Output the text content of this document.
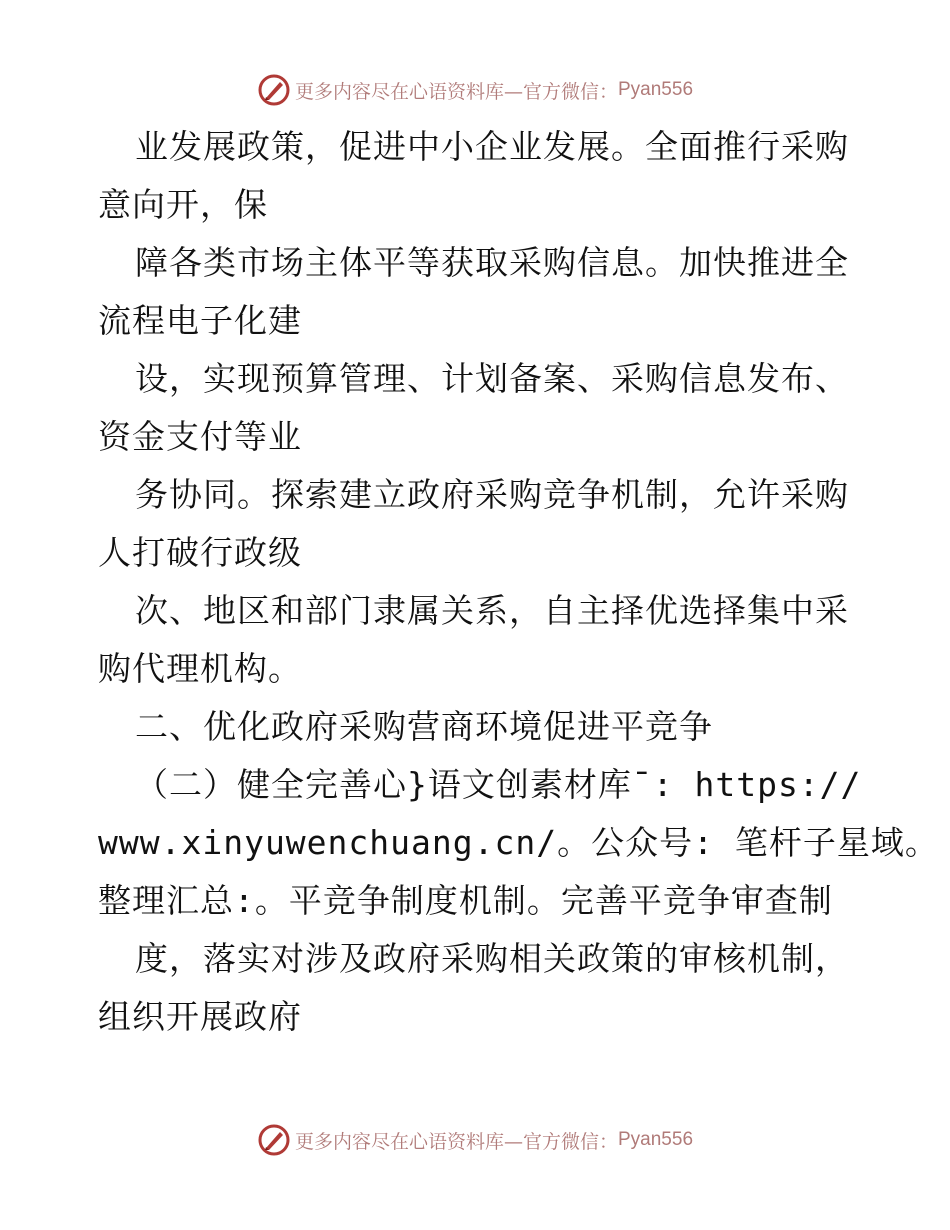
更多内容尽在心语资料库—官方微信： Pyan556
业发展政策，促进中小企业发展。全面推行采购
意向开，保
障各类市场主体平等获取采购信息。加快推进全
流程电子化建
设，实现预算管理、计划备案、采购信息发布、
资金支付等业
务协同。探索建立政府采购竞争机制，允许采购
人打破行政级
次、地区和部门隶属关系，自主择优选择集中采
购代理机构。
二、优化政府采购营商环境促进平竞争
（二）健全完善心}语文创素材库¯: https://
www.xinyuwenchuang.cn/。公众号: 笔杆子星域。
整理汇总:。平竞争制度机制。完善平竞争审查制
度，落实对涉及政府采购相关政策的审核机制，
组织开展政府
更多内容尽在心语资料库—官方微信： Pyan556
